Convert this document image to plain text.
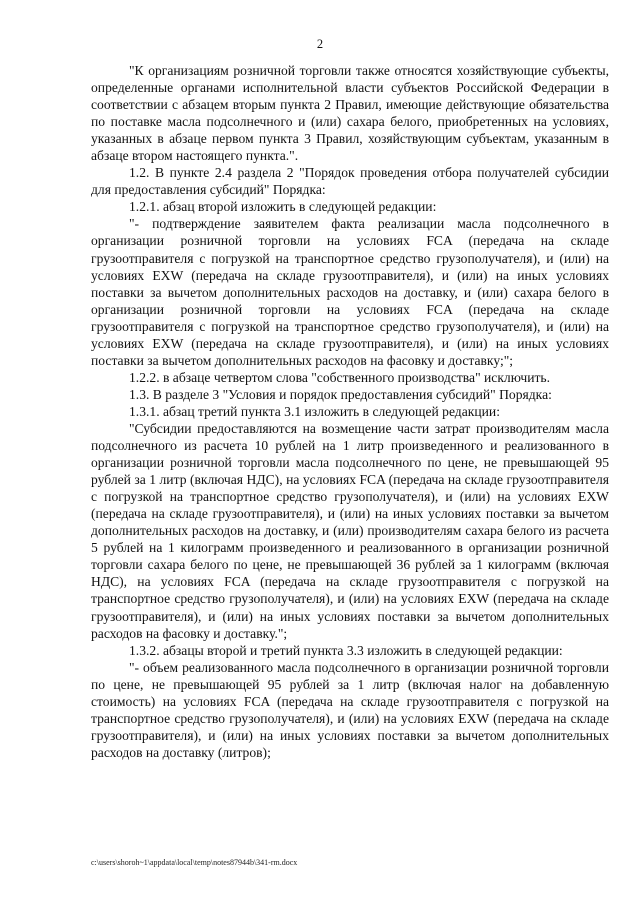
2

"К организациям розничной торговли также относятся хозяйствующие субъекты, определенные органами исполнительной власти субъектов Российской Федерации в соответствии с абзацем вторым пункта 2 Правил, имеющие действующие обязательства по поставке масла подсолнечного и (или) сахара белого, приобретенных на условиях, указанных в абзаце первом пункта 3 Правил, хозяйствующим субъектам, указанным в абзаце втором настоящего пункта.".

1.2. В пункте 2.4 раздела 2 "Порядок проведения отбора получателей субсидии для предоставления субсидий" Порядка:

1.2.1. абзац второй изложить в следующей редакции:

"- подтверждение заявителем факта реализации масла подсолнечного в организации розничной торговли на условиях FCA (передача на складе грузоотправителя с погрузкой на транспортное средство грузополучателя), и (или) на условиях EXW (передача на складе грузоотправителя), и (или) на иных условиях поставки за вычетом дополнительных расходов на доставку, и (или) сахара белого в организации розничной торговли на условиях FCA (передача на складе грузоотправителя с погрузкой на транспортное средство грузополучателя), и (или) на условиях EXW (передача на складе грузоотправителя), и (или) на иных условиях поставки за вычетом дополнительных расходов на фасовку и доставку;";

1.2.2. в абзаце четвертом слова "собственного производства" исключить.

1.3. В разделе 3 "Условия и порядок предоставления субсидий" Порядка:

1.3.1. абзац третий пункта 3.1 изложить в следующей редакции:

"Субсидии предоставляются на возмещение части затрат производителям масла подсолнечного из расчета 10 рублей на 1 литр произведенного и реализованного в организации розничной торговли масла подсолнечного по цене, не превышающей 95 рублей за 1 литр (включая НДС), на условиях FCA (передача на складе грузоотправителя с погрузкой на транспортное средство грузополучателя), и (или) на условиях EXW (передача на складе грузоотправителя), и (или) на иных условиях поставки за вычетом дополнительных расходов на доставку, и (или) производителям сахара белого из расчета 5 рублей на 1 килограмм произведенного и реализованного в организации розничной торговли сахара белого по цене, не превышающей 36 рублей за 1 килограмм (включая НДС), на условиях FCA (передача на складе грузоотправителя с погрузкой на транспортное средство грузополучателя), и (или) на условиях EXW (передача на складе грузоотправителя), и (или) на иных условиях поставки за вычетом дополнительных расходов на фасовку и доставку.";

1.3.2. абзацы второй и третий пункта 3.3 изложить в следующей редакции:

"- объем реализованного масла подсолнечного в организации розничной торговли по цене, не превышающей 95 рублей за 1 литр (включая налог на добавленную стоимость) на условиях FCA (передача на складе грузоотправителя с погрузкой на транспортное средство грузополучателя), и (или) на условиях EXW (передача на складе грузоотправителя), и (или) на иных условиях поставки за вычетом дополнительных расходов на доставку (литров);

c:\users\shoroh~1\appdata\local\temp\notes87944b\341-rm.docx
